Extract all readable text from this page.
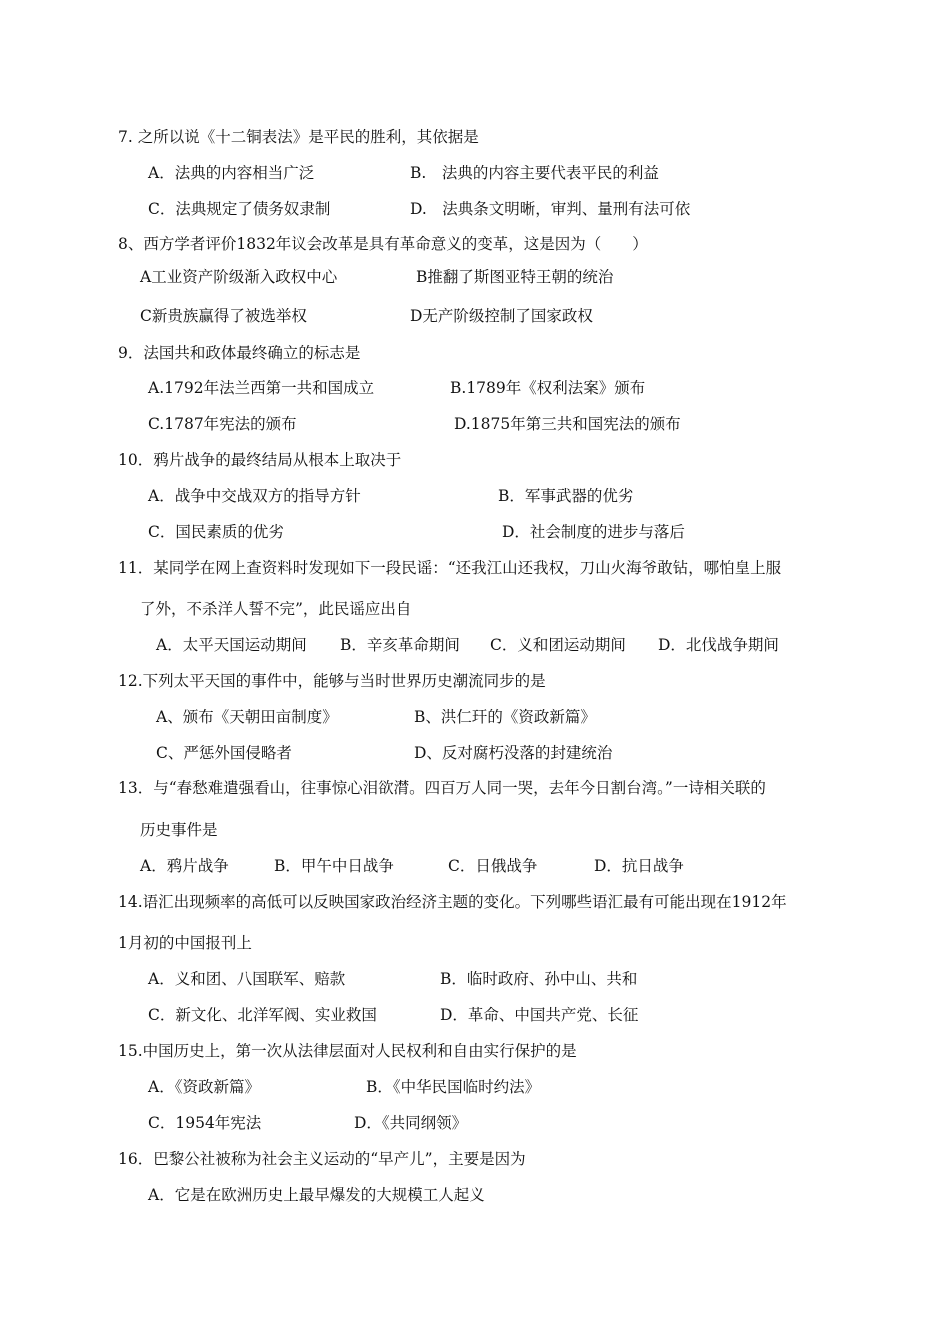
7. 之所以说《十二铜表法》是平民的胜利，其依据是
A．法典的内容相当广泛	B.　法典的内容主要代表平民的利益
C．法典规定了债务奴隶制	D.　法典条文明晰，审判、量刑有法可依
8、西方学者评价1832年议会改革是具有革命意义的变革，这是因为（　　）
A工业资产阶级渐入政权中心	B推翻了斯图亚特王朝的统治
C新贵族赢得了被选举权	D无产阶级控制了国家政权
9．法国共和政体最终确立的标志是
A.1792年法兰西第一共和国成立	B.1789年《权利法案》颁布
C.1787年宪法的颁布	D.1875年第三共和国宪法的颁布
10．鸦片战争的最终结局从根本上取决于
A．战争中交战双方的指导方针	B．军事武器的优劣
C．国民素质的优劣	D．社会制度的进步与落后
11．某同学在网上查资料时发现如下一段民谣：“还我江山还我权，刀山火海爷敢钻，哪怕皇上服
了外，不杀洋人誓不完”，此民谣应出自
A．太平天国运动期间 B．辛亥革命期间 C．义和团运动期间 D．北伐战争期间
12.下列太平天国的事件中，能够与当时世界历史潮流同步的是
A、颁布《天朝田亩制度》	B、洪仁玕的《资政新篇》
C、严惩外国侵略者	D、反对腐朽没落的封建统治
13．与“春愁难遣强看山，往事惊心泪欲潸。四百万人同一哭，去年今日割台湾。”一诗相关联的
历史事件是
A．鸦片战争	B．甲午中日战争	C．日俄战争	D．抗日战争
14.语汇出现频率的高低可以反映国家政治经济主题的变化。下列哪些语汇最有可能出现在1912年
1月初的中国报刊上
A．义和团、八国联军、赔款	B．临时政府、孙中山、共和
C．新文化、北洋军阀、实业救国	D．革命、中国共产党、长征
15.中国历史上，第一次从法律层面对人民权利和自由实行保护的是
A．《资政新篇》	B．《中华民国临时约法》
C．1954年宪法	D．《共同纲领》
16．巴黎公社被称为社会主义运动的“早产儿”，主要是因为
A．它是在欧洲历史上最早爆发的大规模工人起义
